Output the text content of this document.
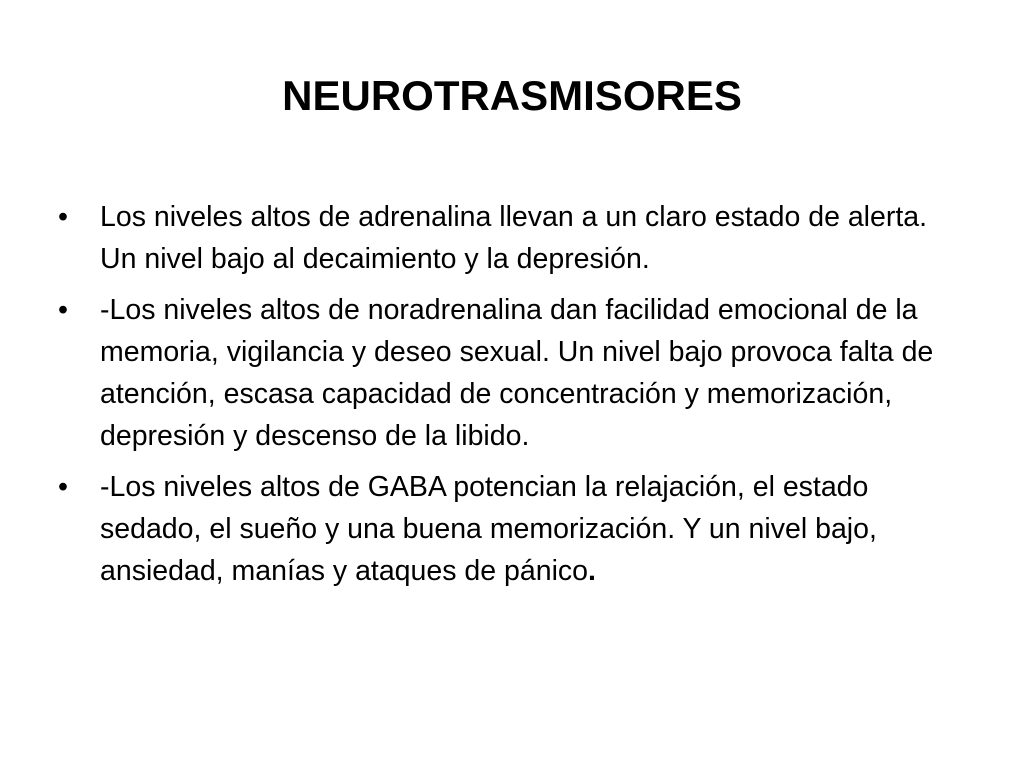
NEUROTRASMISORES
• Los niveles altos de adrenalina llevan a un claro estado de alerta. Un nivel bajo al decaimiento y la depresión.
• -Los niveles altos de noradrenalina dan facilidad emocional de la memoria, vigilancia y deseo sexual. Un nivel bajo provoca falta de atención, escasa capacidad de concentración y memorización, depresión y descenso de la libido.
• -Los niveles altos de GABA potencian la relajación, el estado sedado, el sueño y una buena memorización. Y un nivel bajo, ansiedad, manías y ataques de pánico.
